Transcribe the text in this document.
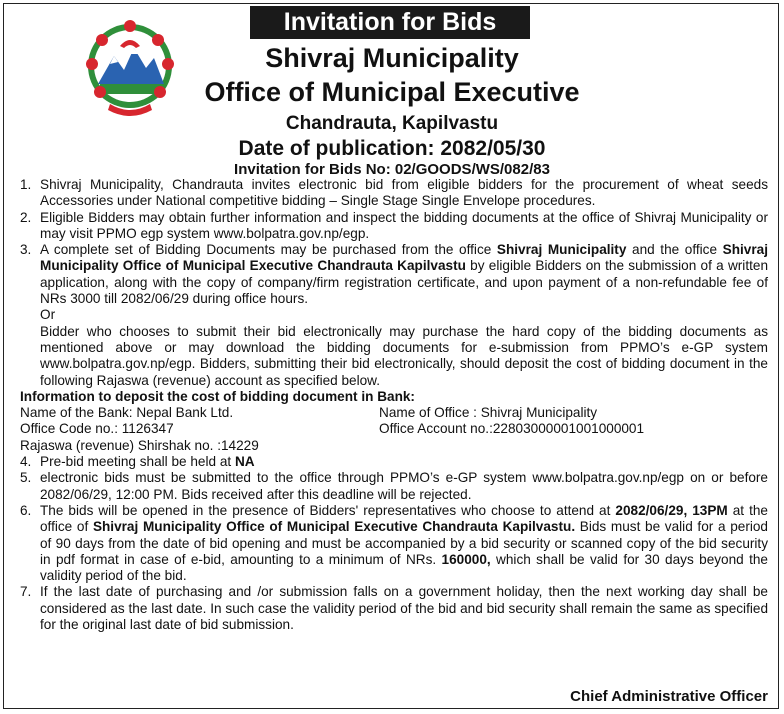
Invitation for Bids

Shivraj Municipality

Office of Municipal Executive

Chandrauta, Kapilvastu

Date of publication: 2082/05/30

Invitation for Bids No: 02/GOODS/WS/082/83

1. Shivraj Municipality, Chandrauta invites electronic bid from eligible bidders for the procurement of wheat seeds Accessories under National competitive bidding – Single Stage Single Envelope procedures.
2. Eligible Bidders may obtain further information and inspect the bidding documents at the office of Shivraj Municipality or may visit PPMO egp system www.bolpatra.gov.np/egp.
3. A complete set of Bidding Documents may be purchased from the office Shivraj Municipality and the office Shivraj Municipality Office of Municipal Executive Chandrauta Kapilvastu by eligible Bidders on the submission of a written application, along with the copy of company/firm registration certificate, and upon payment of a non-refundable fee of NRs 3000 till 2082/06/29 during office hours.

Or

Bidder who chooses to submit their bid electronically may purchase the hard copy of the bidding documents as mentioned above or may download the bidding documents for e-submission from PPMO’s e-GP system www.bolpatra.gov.np/egp. Bidders, submitting their bid electronically, should deposit the cost of bidding document in the following Rajaswa (revenue) account as specified below.

Information to deposit the cost of bidding document in Bank:

Name of the Bank: Nepal Bank Ltd.	Name of Office : Shivraj Municipality
Office Code no.: 1126347	Office Account no.:22803000001001000001
Rajaswa (revenue) Shirshak no. :14229
4. Pre-bid meeting shall be held at NA
5. electronic bids must be submitted to the office through PPMO’s e-GP system www.bolpatra.gov.np/egp on or before 2082/06/29, 12:00 PM. Bids received after this deadline will be rejected.
6. The bids will be opened in the presence of Bidders' representatives who choose to attend at 2082/06/29, 13PM at the office of Shivraj Municipality Office of Municipal Executive Chandrauta Kapilvastu. Bids must be valid for a period of 90 days from the date of bid opening and must be accompanied by a bid security or scanned copy of the bid security in pdf format in case of e-bid, amounting to a minimum of NRs. 160000, which shall be valid for 30 days beyond the validity period of the bid.
7. If the last date of purchasing and /or submission falls on a government holiday, then the next working day shall be considered as the last date. In such case the validity period of the bid and bid security shall remain the same as specified for the original last date of bid submission.
Chief Administrative Officer
